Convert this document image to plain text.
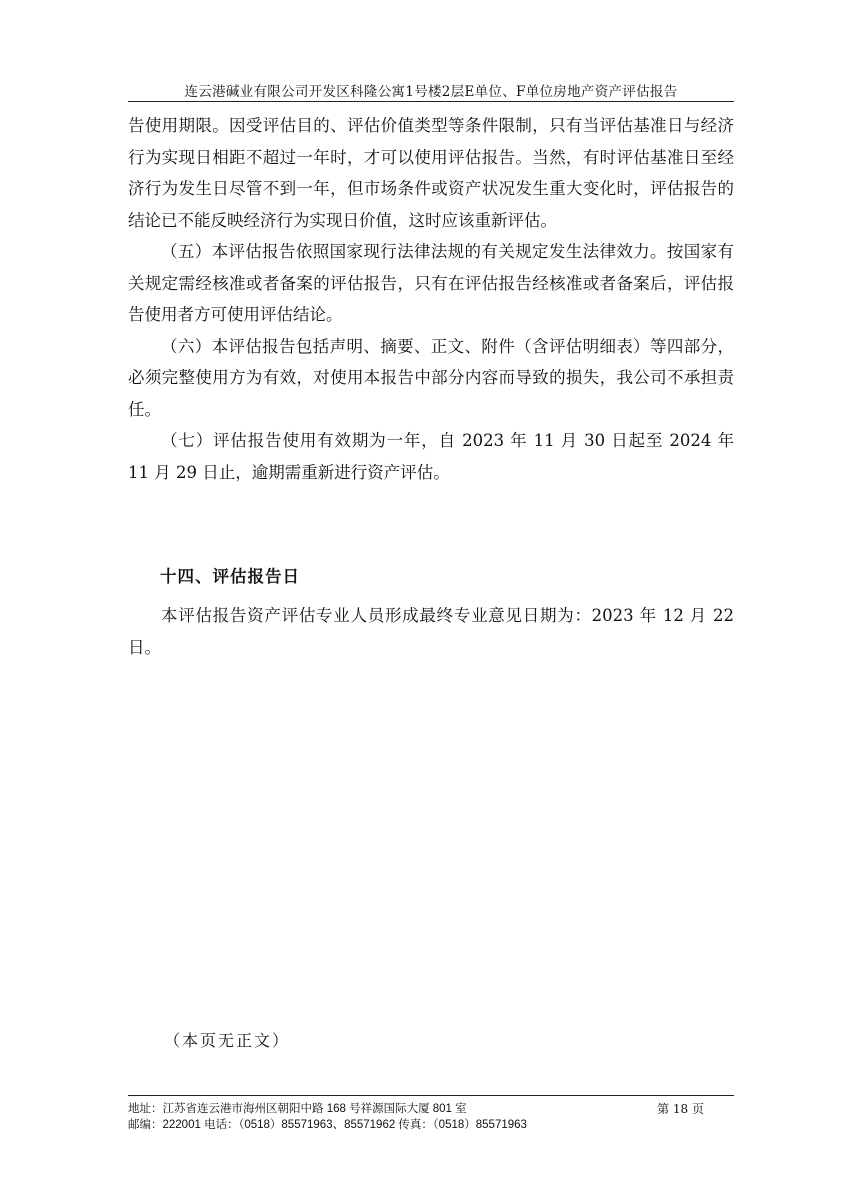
连云港碱业有限公司开发区科隆公寓1号楼2层E单位、F单位房地产资产评估报告

告使用期限。因受评估目的、评估价值类型等条件限制，只有当评估基准日与经济行为实现日相距不超过一年时，才可以使用评估报告。当然，有时评估基准日至经济行为发生日尽管不到一年，但市场条件或资产状况发生重大变化时，评估报告的结论已不能反映经济行为实现日价值，这时应该重新评估。

（五）本评估报告依照国家现行法律法规的有关规定发生法律效力。按国家有关规定需经核准或者备案的评估报告，只有在评估报告经核准或者备案后，评估报告使用者方可使用评估结论。

（六）本评估报告包括声明、摘要、正文、附件（含评估明细表）等四部分，必须完整使用方为有效，对使用本报告中部分内容而导致的损失，我公司不承担责任。

（七）评估报告使用有效期为一年，自 2023 年 11 月 30 日起至 2024 年 11 月 29 日止，逾期需重新进行资产评估。

十四、评估报告日

本评估报告资产评估专业人员形成最终专业意见日期为：2023 年 12 月 22 日。

（本页无正文）
地址：江苏省连云港市海州区朝阳中路 168 号祥源国际大厦 801 室
邮编：222001 电话：（0518）85571963、85571962 传真：（0518）85571963
第 18 页
